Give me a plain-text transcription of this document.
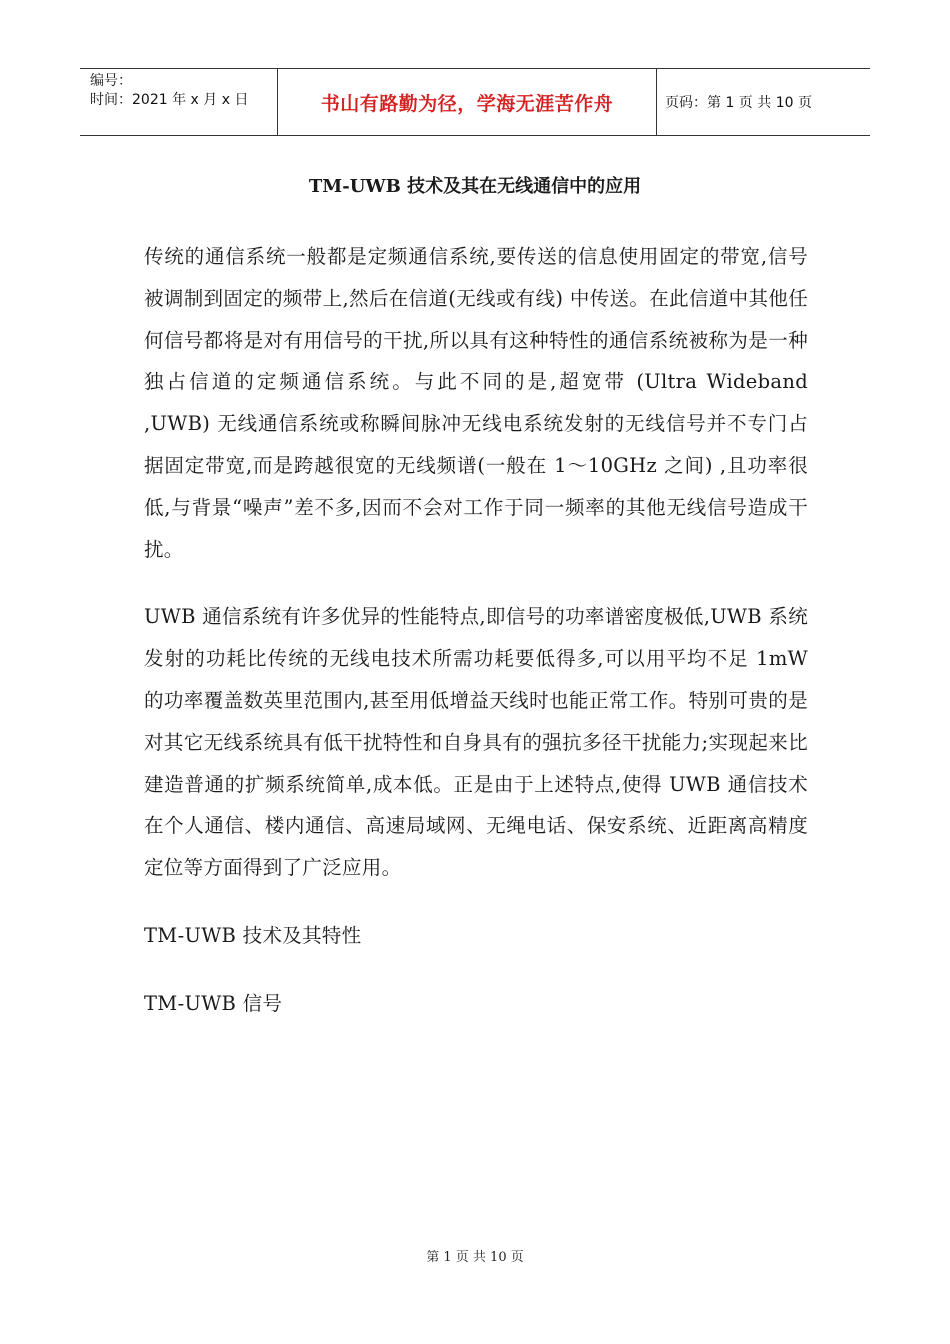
编号：
时间：2021 年 x 月 x 日	书山有路勤为径，学海无涯苦作舟	页码：第 1 页 共 10 页
TM-UWB 技术及其在无线通信中的应用

传统的通信系统一般都是定频通信系统,要传送的信息使用固定的带宽,信号被调制到固定的频带上,然后在信道(无线或有线) 中传送。在此信道中其他任何信号都将是对有用信号的干扰,所以具有这种特性的通信系统被称为是一种独占信道的定频通信系统。与此不同的是,超宽带 (Ultra Wideband ,UWB) 无线通信系统或称瞬间脉冲无线电系统发射的无线信号并不专门占据固定带宽,而是跨越很宽的无线频谱(一般在 1～10GHz 之间) ,且功率很低,与背景“噪声”差不多,因而不会对工作于同一频率的其他无线信号造成干扰。

UWB 通信系统有许多优异的性能特点,即信号的功率谱密度极低,UWB 系统发射的功耗比传统的无线电技术所需功耗要低得多,可以用平均不足 1mW 的功率覆盖数英里范围内,甚至用低增益天线时也能正常工作。特别可贵的是对其它无线系统具有低干扰特性和自身具有的强抗多径干扰能力;实现起来比建造普通的扩频系统简单,成本低。正是由于上述特点,使得 UWB 通信技术在个人通信、楼内通信、高速局域网、无绳电话、保安系统、近距离高精度定位等方面得到了广泛应用。

TM-UWB 技术及其特性

TM-UWB 信号

第 1 页 共 10 页
